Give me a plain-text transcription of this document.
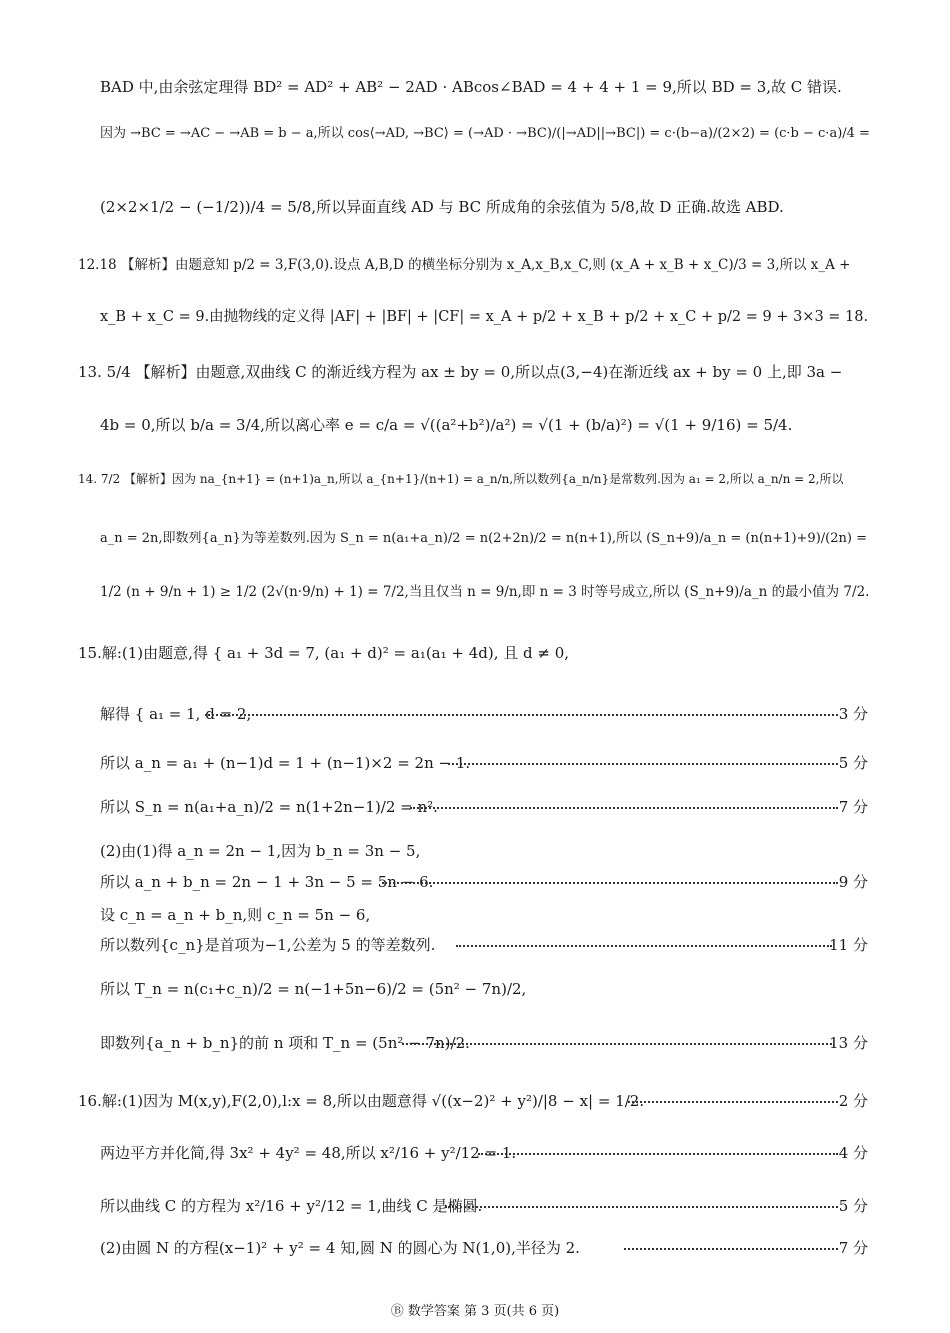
BAD 中,由余弦定理得 BD² = AD² + AB² − 2AD · ABcos∠BAD = 4 + 4 + 1 = 9,所以 BD = 3,故 C 错误.
因为 →BC = →AC − →AB = b − a,所以 cos⟨→AD, →BC⟩ = (→AD · →BC)/(|→AD||→BC|) = c·(b−a)/(2×2) = (c·b − c·a)/4 =
(2×2×1/2 − (−1/2))/4 = 5/8,所以异面直线 AD 与 BC 所成角的余弦值为 5/8,故 D 正确.故选 ABD.
12.18 【解析】由题意知 p/2 = 3,F(3,0).设点 A,B,D 的横坐标分别为 x_A,x_B,x_C,则 (x_A + x_B + x_C)/3 = 3,所以 x_A +
x_B + x_C = 9.由抛物线的定义得 |AF| + |BF| + |CF| = x_A + p/2 + x_B + p/2 + x_C + p/2 = 9 + 3×3 = 18.
13. 5/4 【解析】由题意,双曲线 C 的渐近线方程为 ax ± by = 0,所以点(3,−4)在渐近线 ax + by = 0 上,即 3a −
4b = 0,所以 b/a = 3/4,所以离心率 e = c/a = √((a²+b²)/a²) = √(1 + (b/a)²) = √(1 + 9/16) = 5/4.
14. 7/2 【解析】因为 na_{n+1} = (n+1)a_n,所以 a_{n+1}/(n+1) = a_n/n,所以数列{a_n/n}是常数列.因为 a₁ = 2,所以 a_n/n = 2,所以
a_n = 2n,即数列{a_n}为等差数列.因为 S_n = n(a₁+a_n)/2 = n(2+2n)/2 = n(n+1),所以 (S_n+9)/a_n = (n(n+1)+9)/(2n) =
1/2 (n + 9/n + 1) ≥ 1/2 (2√(n·9/n) + 1) = 7/2,当且仅当 n = 9/n,即 n = 3 时等号成立,所以 (S_n+9)/a_n 的最小值为 7/2.
15.解:(1)由题意,得 { a₁ + 3d = 7, (a₁ + d)² = a₁(a₁ + 4d), 且 d ≠ 0,
解得 { a₁ = 1, d = 2,	3 分
所以 a_n = a₁ + (n−1)d = 1 + (n−1)×2 = 2n − 1.	5 分
所以 S_n = n(a₁+a_n)/2 = n(1+2n−1)/2 = n².	7 分
(2)由(1)得 a_n = 2n − 1,因为 b_n = 3n − 5,
所以 a_n + b_n = 2n − 1 + 3n − 5 = 5n − 6.	9 分
设 c_n = a_n + b_n,则 c_n = 5n − 6,
所以数列{c_n}是首项为−1,公差为 5 的等差数列.	11 分
所以 T_n = n(c₁+c_n)/2 = n(−1+5n−6)/2 = (5n² − 7n)/2,
即数列{a_n + b_n}的前 n 项和 T_n = (5n² − 7n)/2.	13 分
16.解:(1)因为 M(x,y),F(2,0),l:x = 8,所以由题意得 √((x−2)² + y²)/|8 − x| = 1/2.	2 分
两边平方并化简,得 3x² + 4y² = 48,所以 x²/16 + y²/12 = 1.	4 分
所以曲线 C 的方程为 x²/16 + y²/12 = 1,曲线 C 是椭圆.	5 分
(2)由圆 N 的方程(x−1)² + y² = 4 知,圆 N 的圆心为 N(1,0),半径为 2.	7 分
Ⓑ 数学答案 第 3 页(共 6 页)
